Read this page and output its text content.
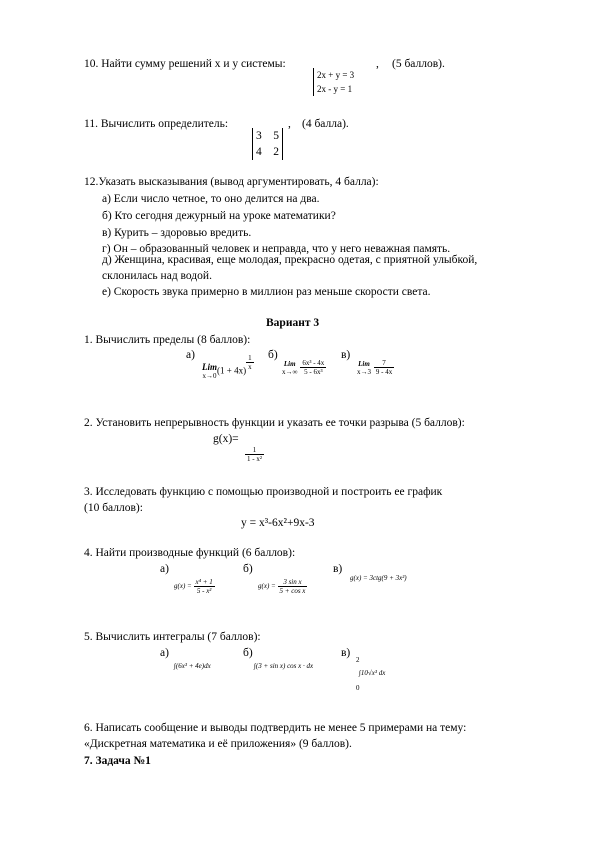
10. Найти сумму решений x и y системы:
2x + y = 3
2x - y = 1
, (5 баллов).
11. Вычислить определитель:
3 5
4 2
, (4 балла).
12.Указать высказывания (вывод аргументировать, 4 балла):
а) Если число четное, то оно делится на два.
б) Кто сегодня дежурный на уроке математики?
в) Курить – здоровью вредить.
г) Он – образованный человек и неправда, что у него неважная память.
д) Женщина, красивая, еще молодая, прекрасно одетая, с приятной улыбкой,
склонилась над водой.
е) Скорость звука примерно в миллион раз меньше скорости света.
Вариант 3
1. Вычислить пределы (8 баллов):
а)	б)	в)
Lim
x→0
$(1 + 4x) \frac{1}{x}$	Lim
x→∞
$\frac{\text{6x³ - 4x}}{\text{5 - 6x³}}$	Lim
x→3
$\frac{7}{9 - 4x}$
2. Установить непрерывность функции и указать ее точки разрыва (5 баллов):
g(x)=
$\frac{1}{\text{1 - x²}}$
3. Исследовать функцию с помощью производной и построить ее график
(10 баллов):
y = x³-6x²+9x-3
4. Найти производные функций (6 баллов):
а)	б)	в)
$g(x) = \frac{\text{x⁴ + 1}}{\text{5 - x²}}$	$g(x) = \frac{\text{3 sin x}}{\text{5 + cos x}}$	g(x) = 3ctg(9 + 3x²)
5. Вычислить интегралы (7 баллов):
а)	б)	в)
∫(6x³ + 4e)dx	∫(3 + sin x) cos x · dx
2
∫10√x³ dx
0
6. Написать сообщение и выводы подтвердить не менее 5 примерами на тему:
«Дискретная математика и её приложения» (9 баллов).
7. Задача №1
